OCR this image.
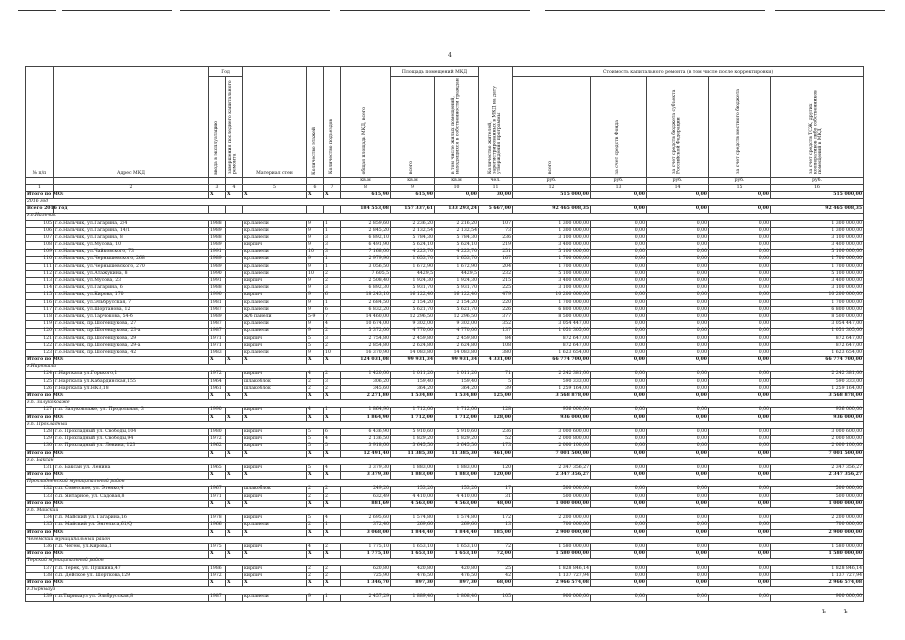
4
№ п/п	Адрес МКД	Год		Материал стен	Количество этажей	Количество подъездов	общая площадь МКД, всего	Площадь помещений МКД		Количество жителей, зарегистрированных в МКД на дату утверждения программы	Стоимость капитального ремонта (в том числе после корректировки)			
		ввода в эксплуатацию	завершения последнего капитального ремонта					всего	в том числе жилых помещений, находящихся в собственности граждан		всего	за счет средств Фонда	за счет средств бюджета субъекта Российской Федерации	за счет средств местного бюджета	за счет средств ТСЖ, других кооперативов либо собственников помещений в МКД
							кв.м	кв.м	кв.м	чел.	руб.	руб.	руб.	руб.	руб.
1	2	3	4	5	6	7	8	9	10	11	12	13	14	15	16
Итого по МО:		X	X	X	X	X	615,90	615,90	0,00	30,00	515 000,00	0,00	0,00	0,00	515 000,00
2016 год															
Всего 2016 год							184 553,08	157 337,61	133 293,24	5 667,00	92 465 008,35	0,00	0,00	0,00	92 465 008,35
г.о.Нальчик															
105	г.о.Нальчик, ул.Гагарина, 2/4	1988		кр.панели	9	1	2 859,60	2 236,20	2 216,20	107	1 300 000,00	0,00	0,00	0,00	1 300 000,00
106	г.о.Нальчик, ул.Гагарина, 14/1	1989		кр.панели	9	1	2 845,20	2 132,54	2 132,54	73	1 300 000,00	0,00	0,00	0,00	1 300 000,00
107	г.о.Нальчик, ул.Гагарина, 8	1988		кр.панели	9	3	6 892,10	5 784,30	5 784,30	236	3 100 000,00	0,00	0,00	0,00	3 100 000,00
108	г.о.Нальчик, ул.Мусова, 10	1989		кирпич	9	3	6 491,90	5 624,10	5 624,10	219	3 400 000,00	0,00	0,00	0,00	3 400 000,00
109	г.о.Нальчик, ул.Чайковского, 73	1991		кр.панели	10	3	7 168,00	4 223,70	4 223,70	251	5 100 000,00	0,00	0,00	0,00	5 100 000,00
110	г.о.Нальчик, ул.Чернышевского, 268	1989		кр.панели	9	1	2 979,90	1 653,70	1 653,70	167	1 700 000,00	0,00	0,00	0,00	1 700 000,00
111	г.о.Нальчик, ул.Чернышевского, 270	1989		кр.панели	9	1	3 056,50	1 672,90	1 672,90	204	1 700 000,00	0,00	0,00	0,00	1 700 000,00
112	г.о.Нальчик, ул.Атажукина, 8	1990		кр.панели	10	2	7 605,5	4429,5	4429,5	232	5 100 000,00	0,00	0,00	0,00	5 100 000,00
113	г.о.Нальчик, ул.Мусова, 23	1991		кирпич	9	2	2 508,40	1 924,30	1 924,30	215	3 400 000,00	0,00	0,00	0,00	3 400 000,00
114	г.о.Нальчик, ул.Гагарина, 6	1988		кр.панели	9	3	6 892,30	5 931,70	5 931,70	225	3 100 000,00	0,00	0,00	0,00	3 100 000,00
115	г.о.Нальчик, ул.Кирова, 170	1990		кирпич	9	6	18 243,10	16 122,40	16 122,40	479	10 200 000,00	0,00	0,00	0,00	10 200 000,00
116	г.о.Нальчик, ул.Эльбрусская, 7	1981		кр.панели	9	1	2 684,50	2 154,20	2 154,20	220	1 700 000,00	0,00	0,00	0,00	1 700 000,00
117	г.о.Нальчик, ул.Шортанова, 12	1987		кр.панели	9	6	6 832,20	5 621,70	5 621,70	226	6 800 000,00	0,00	0,00	0,00	6 800 000,00
118	г.о.Нальчик, ул.Тарчокова, 54-б	1989		ж/б панели	5-9	7	14 460,00	12 296,50	12 296,50	377	8 500 000,00	0,00	0,00	0,00	8 500 000,00
119	г.о.Нальчик, пр.Шогенцукова, 27	1987		кр.панели	9	4	10 674,00	9 302,00	9 302,00	352	3 054 447,00	0,00	0,00	0,00	3 054 447,00
120	г.о.Нальчик, пр.Шогенцукова, 23-а	1987		кр.панели	9	2	5 372,00	4 770,00	4 770,00	137	1 051 305,00	0,00	0,00	0,00	1 051 305,00
121	г.о.Нальчик, пр.Шогенцукова, 29	1971		кирпич	5	3	2 754,80	2 459,80	2 459,80	84	872 647,00	0,00	0,00	0,00	872 647,00
122	г.о.Нальчик, пр.Шогенцукова, 29-а	1971		кирпич	5	2	2 854,80	2 624,80	2 624,80	108	872 647,00	0,00	0,00	0,00	872 647,00
123	г.о.Нальчик, пр.Шогенцукова, 42	1983		кр.панели	9	10	16 370,90	14 083,80	14 083,80	380	1 623 654,00	0,00	0,00	0,00	1 623 654,00
Итого по МО:		X	X	X	X	X	124 031,08	99 931,34	99 931,34	4 331,00	66 774 700,00	0,00	0,00	0,00	66 774 700,00
г.Нарткала															
124	г.Нарткала ул.Горького,1	1972		кирпич	4	2	1 420,00	1 011,20	1 011,20	71	2 242 381,00	0,00	0,00	0,00	2 242 381,00
125	г.Нарткала ул.Кабардинская,155	1964		шлакоблок	2	3	306,20	159,40	159,40	5	590 333,00	0,00	0,00	0,00	590 333,00
126	г.Нарткала ул.НКЗ,18	1961		шлакоблок	2	2	345,60	364,20	364,20	39	1 259 164,00	0,00	0,00	0,00	1 259 164,00
Итого по МО:		X	X	X	X	X	2 271,80	1 534,80	1 534,80	125,00	3 568 878,00	0,00	0,00	0,00	3 568 878,00
г.п. Залукокоаже															
127	г.п. Залукокоаже, ул. Продольная, 3	1990		кирпич	4	1	1 864,90	1 712,00	1 712,00	128	936 000,00	0,00	0,00	0,00	936 000,00
Итого по МО:		X	X	X	X	X	1 864,90	1 712,00	1 712,00	128,00	936 000,00	0,00	0,00	0,00	936 000,00
г.п. Прохладный															
128	г.о. Прохладный ул. Свободы,104	1980		кирпич	5	6	6 436,90	5 910,60	5 910,60	236	3 000 600,00	0,00	0,00	0,00	3 000 600,00
129	г.о. Прохладный ул. Свободы,94	1972		кирпич	5	4	2 136,50	1 829,20	1 829,20	52	2 000 800,00	0,00	0,00	0,00	2 000 800,00
130	г.о. Прохладный ул. Ленина, 123	1962		кирпич	5	5	3 918,00	3 645,50	3 645,50	173	2 000 100,00	0,00	0,00	0,00	2 000 100,00
Итого по МО:		X	X	X	X	X	12 491,40	11 385,30	11 385,30	461,00	7 001 500,00	0,00	0,00	0,00	7 001 500,00
г.о. Баксан															
131	г.о. Баксан ул. Ленина	1965		кирпич	5	4	3 379,30	1 883,00	1 883,00	120	2 347 356,27	0,00	0,00	0,00	2 347 356,27
Итого по МО:		X	X	X	X	X	3 379,30	1 883,00	1 883,00	120,00	2 347 356,27	0,00	0,00	0,00	2 347 356,27
Прохладненский муниципальный район															
132	с.п. Советское, ул. Этенко,4	1967		шлакоблок	2	2	249,20	153,20	153,20	17	500 000,00	0,00	0,00	0,00	500 000,00
133	с.п. Янтарное, ул. Садовая,8	1971		кирпич	2	2	632,49	4 410,00	4 410,00	31	500 000,00	0,00	0,00	0,00	500 000,00
Итого по МО:		X	X	X	X	X	881,69	4 563,00	4 563,00	48,00	1 000 000,00	0,00	0,00	0,00	1 000 000,00
г.п. Майский															
134	г.п. Майский ул. Гагарина,16	1978		кирпич	5	4	2 695,60	1 574,80	1 574,80	172	2 200 000,00	0,00	0,00	0,00	2 200 000,00
135	г.п. Майский ул. Энгельса,61/Q	1966		кр.панели	2	1	372,40	269,60	269,60	13	700 000,00	0,00	0,00	0,00	700 000,00
Итого по МО:		X	X	X	X	X	3 068,00	1 844,40	1 844,40	185,00	2 900 000,00	0,00	0,00	0,00	2 900 000,00
Чегемский муниципальный район															
136	г.п. Чегем, ул.Кирова,1	1975		кирпич	4	2	1 775,10	1 653,10	1 653,10	72	1 580 000,00	0,00	0,00	0,00	1 580 000,00
Итого по МО:		X	X	X	X	X	1 775,10	1 653,10	1 653,10	72,00	1 580 000,00	0,00	0,00	0,00	1 580 000,00
Терский муниципальный район															
137	г.п. Терек, ул. Пушкина,47	1986		кирпич	2	2	620,80	420,80	420,80	25	1 828 846,14	0,00	0,00	0,00	1 828 846,14
138	с.п. Дейское ул. Шорткова,129	1972		кирпич	2	2	725,90	476,50	476,50	42	1 137 727,94	0,00	0,00	0,00	1 137 727,94
Итого по МО:		X	X	X	X	X	1 346,70	897,30	897,30	68,00	2 966 574,08	0,00	0,00	0,00	2 966 574,08
г.Тырныауз															
139	г.п.Тырныауз ул. Эльбрусская,8	1987		кр.панели	9	1	2 457,29	1 889,40	1 808,40	105	900 000,00	0,00	0,00	0,00	900 000,00
ъ ъ
